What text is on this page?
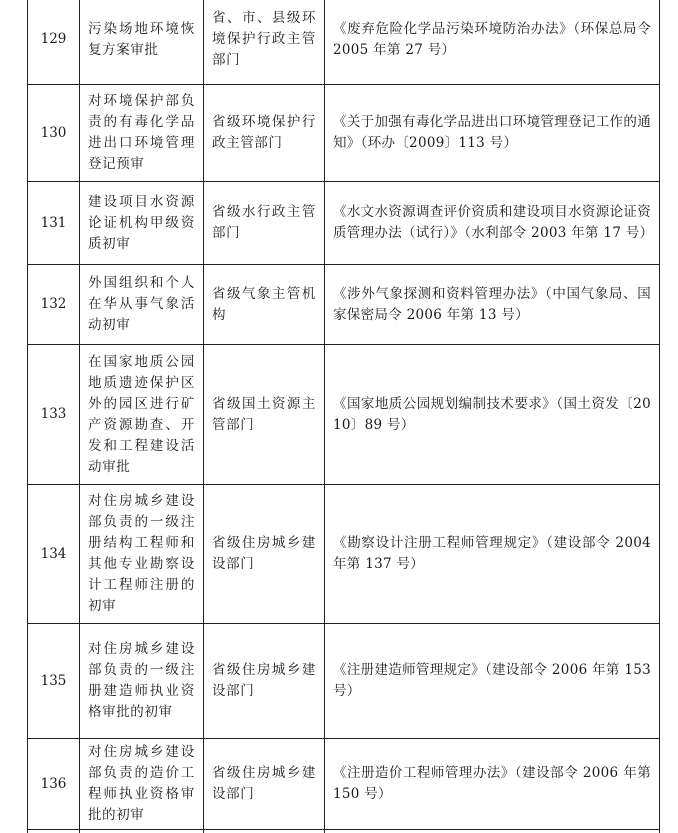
129	污染场地环境恢复方案审批	省、市、县级环境保护行政主管部门	《废弃危险化学品污染环境防治办法》（环保总局令 2005 年第 27 号）
130	对环境保护部负责的有毒化学品进出口环境管理登记预审	省级环境保护行政主管部门	《关于加强有毒化学品进出口环境管理登记工作的通知》（环办〔2009〕113 号）
131	建设项目水资源论证机构甲级资质初审	省级水行政主管部门	《水文水资源调查评价资质和建设项目水资源论证资质管理办法（试行）》（水利部令 2003 年第 17 号）
132	外国组织和个人在华从事气象活动初审	省级气象主管机构	《涉外气象探测和资料管理办法》（中国气象局、国家保密局令 2006 年第 13 号）
133	在国家地质公园地质遗迹保护区外的园区进行矿产资源勘查、开发和工程建设活动审批	省级国土资源主管部门	《国家地质公园规划编制技术要求》（国土资发〔2010〕89 号）
134	对住房城乡建设部负责的一级注册结构工程师和其他专业勘察设计工程师注册的初审	省级住房城乡建设部门	《勘察设计注册工程师管理规定》（建设部令 2004 年第 137 号）
135	对住房城乡建设部负责的一级注册建造师执业资格审批的初审	省级住房城乡建设部门	《注册建造师管理规定》（建设部令 2006 年第 153 号）
136	对住房城乡建设部负责的造价工程师执业资格审批的初审	省级住房城乡建设部门	《注册造价工程师管理办法》（建设部令 2006 年第 150 号）
